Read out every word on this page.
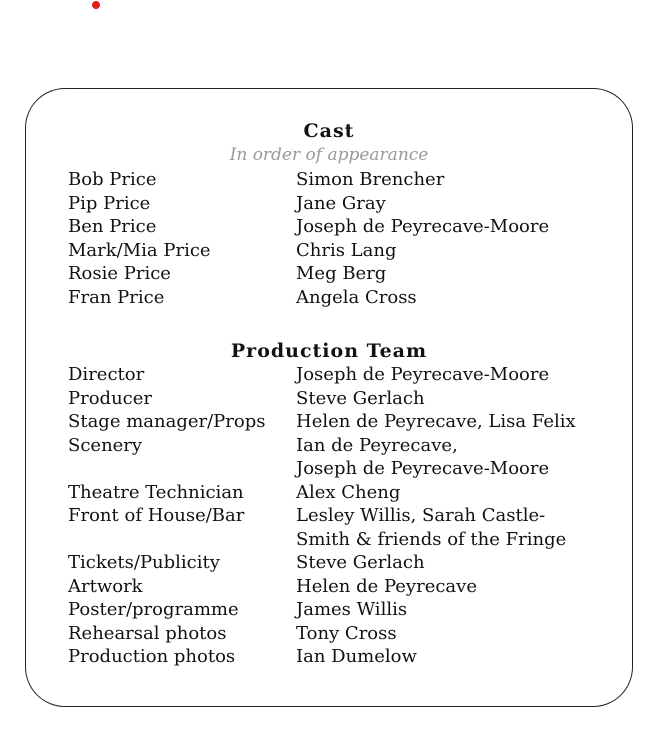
Cast
In order of appearance
Bob Price	Simon Brencher
Pip Price	Jane Gray
Ben Price	Joseph de Peyrecave-Moore
Mark/Mia Price	Chris Lang
Rosie Price	Meg Berg
Fran Price	Angela Cross
Production Team
Director	Joseph de Peyrecave-Moore
Producer	Steve Gerlach
Stage manager/Props	Helen de Peyrecave, Lisa Felix
Scenery	Ian de Peyrecave,
Joseph de Peyrecave-Moore
Theatre Technician	Alex Cheng
Front of House/Bar	Lesley Willis, Sarah Castle-
Smith & friends of the Fringe
Tickets/Publicity	Steve Gerlach
Artwork	Helen de Peyrecave
Poster/programme	James Willis
Rehearsal photos	Tony Cross
Production photos	Ian Dumelow
